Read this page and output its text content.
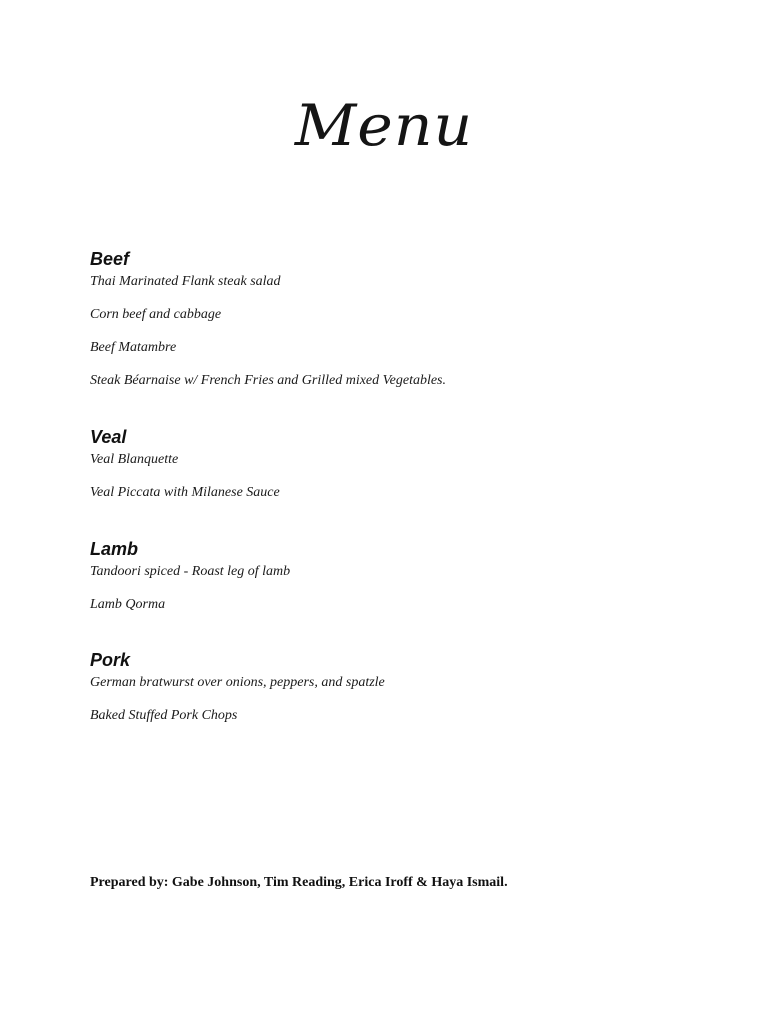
Menu
Beef
Thai Marinated Flank steak salad
Corn beef and cabbage
Beef Matambre
Steak Béarnaise w/ French Fries and Grilled mixed Vegetables.
Veal
Veal Blanquette
Veal Piccata with Milanese Sauce
Lamb
Tandoori spiced - Roast leg of lamb
Lamb Qorma
Pork
German bratwurst over onions, peppers, and spatzle
Baked Stuffed Pork Chops
Prepared by: Gabe Johnson, Tim Reading, Erica Iroff & Haya Ismail.
